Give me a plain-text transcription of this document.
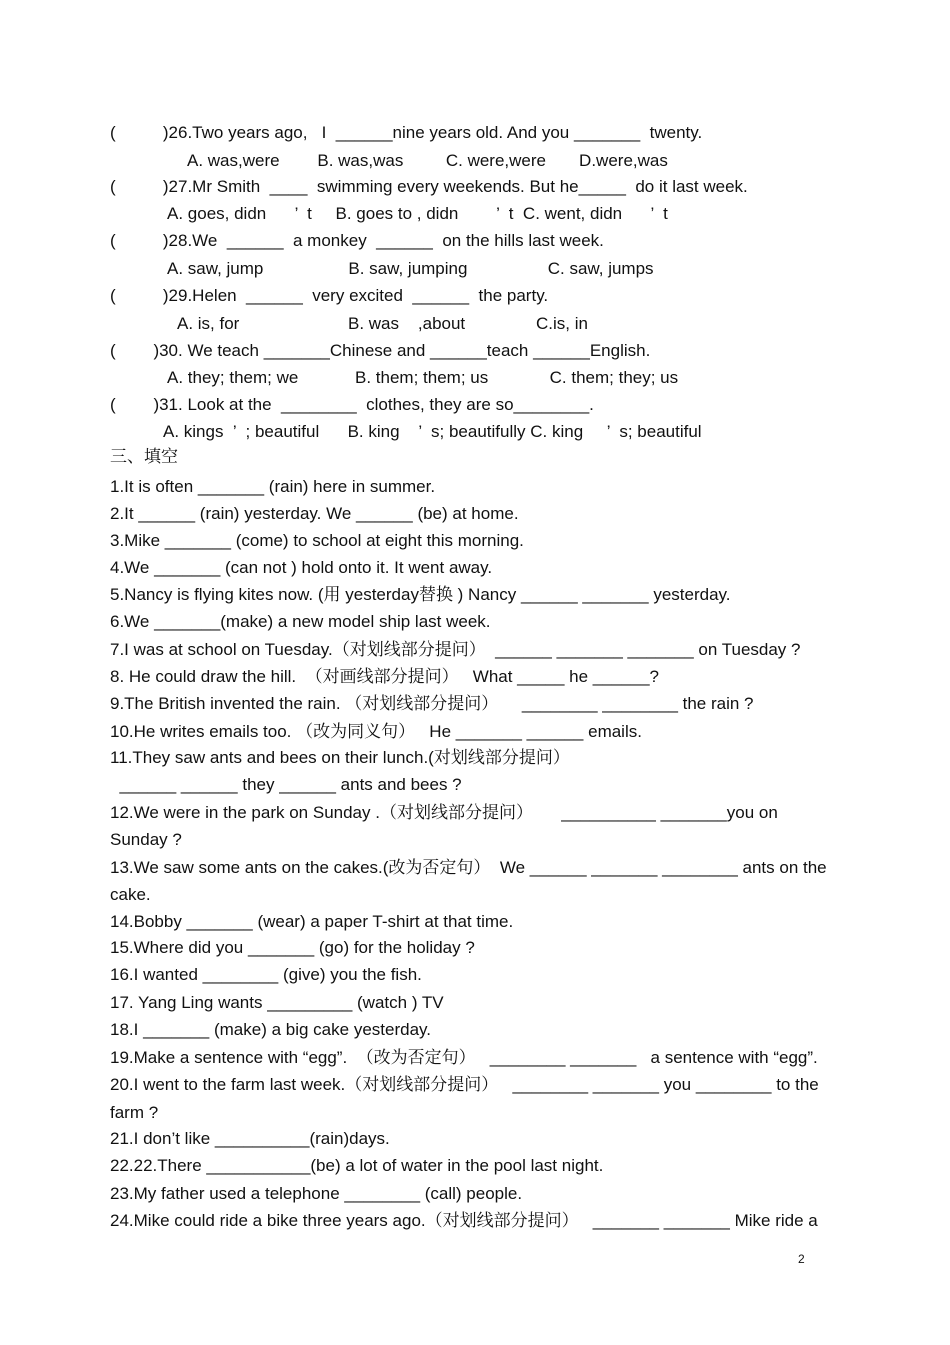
(          )26.Two years ago,   I  ______nine years old. And you _______  twenty.
A. was,were        B. was,was         C. were,were       D.were,was
(          )27.Mr Smith  ____  swimming every weekends. But he_____  do it last week.
A. goes, didn      ’  t     B. goes to , didn        ’  t  C. went, didn      ’  t
(          )28.We  ______  a monkey  ______  on the hills last week.
A. saw, jump                  B. saw, jumping                 C. saw, jumps
(          )29.Helen  ______  very excited  ______  the party.
A. is, for                       B. was    ,about               C.is, in
(        )30. We teach _______Chinese and ______teach ______English.
A. they; them; we            B. them; them; us             C. them; they; us
(        )31. Look at the  ________  clothes, they are so________.
A. kings  ’  ; beautiful      B. king    ’  s; beautifully C. king     ’  s; beautiful
三、填空
1.It is often _______ (rain) here in summer.
2.It ______ (rain) yesterday. We ______ (be) at home.
3.Mike _______ (come) to school at eight this morning.
4.We _______ (can not ) hold onto it. It went away.
5.Nancy is flying kites now. (用 yesterday替换 ) Nancy ______ _______ yesterday.
6.We _______(make) a new model ship last week.
7.I was at school on Tuesday.（对划线部分提问）  ______ _______ _______ on Tuesday ?
8. He could draw the hill.  （对画线部分提问）   What _____ he ______?
9.The British invented the rain. （对划线部分提问）     ________ ________ the rain ?
10.He writes emails too. （改为同义句）   He _______ ______ emails.
11.They saw ants and bees on their lunch.(对划线部分提问）
______ ______ they ______ ants and bees ?
12.We were in the park on Sunday .（对划线部分提问）      __________ _______you on
Sunday ?
13.We saw some ants on the cakes.(改为否定句）  We ______ _______ ________ ants on the
cake.
14.Bobby _______ (wear) a paper T-shirt at that time.
15.Where did you _______ (go) for the holiday ?
16.I wanted ________ (give) you the fish.
17. Yang Ling wants _________ (watch ) TV
18.I _______ (make) a big cake yesterday.
19.Make a sentence with “egg”.  （改为否定句）   ________ _______   a sentence with “egg”.
20.I went to the farm last week.（对划线部分提问）   ________ _______ you ________ to the
farm ?
21.I don’t like __________(rain)days.
22.22.There ___________(be) a lot of water in the pool last night.
23.My father used a telephone ________ (call) people.
24.Mike could ride a bike three years ago.（对划线部分提问）   _______ _______ Mike ride a
2
